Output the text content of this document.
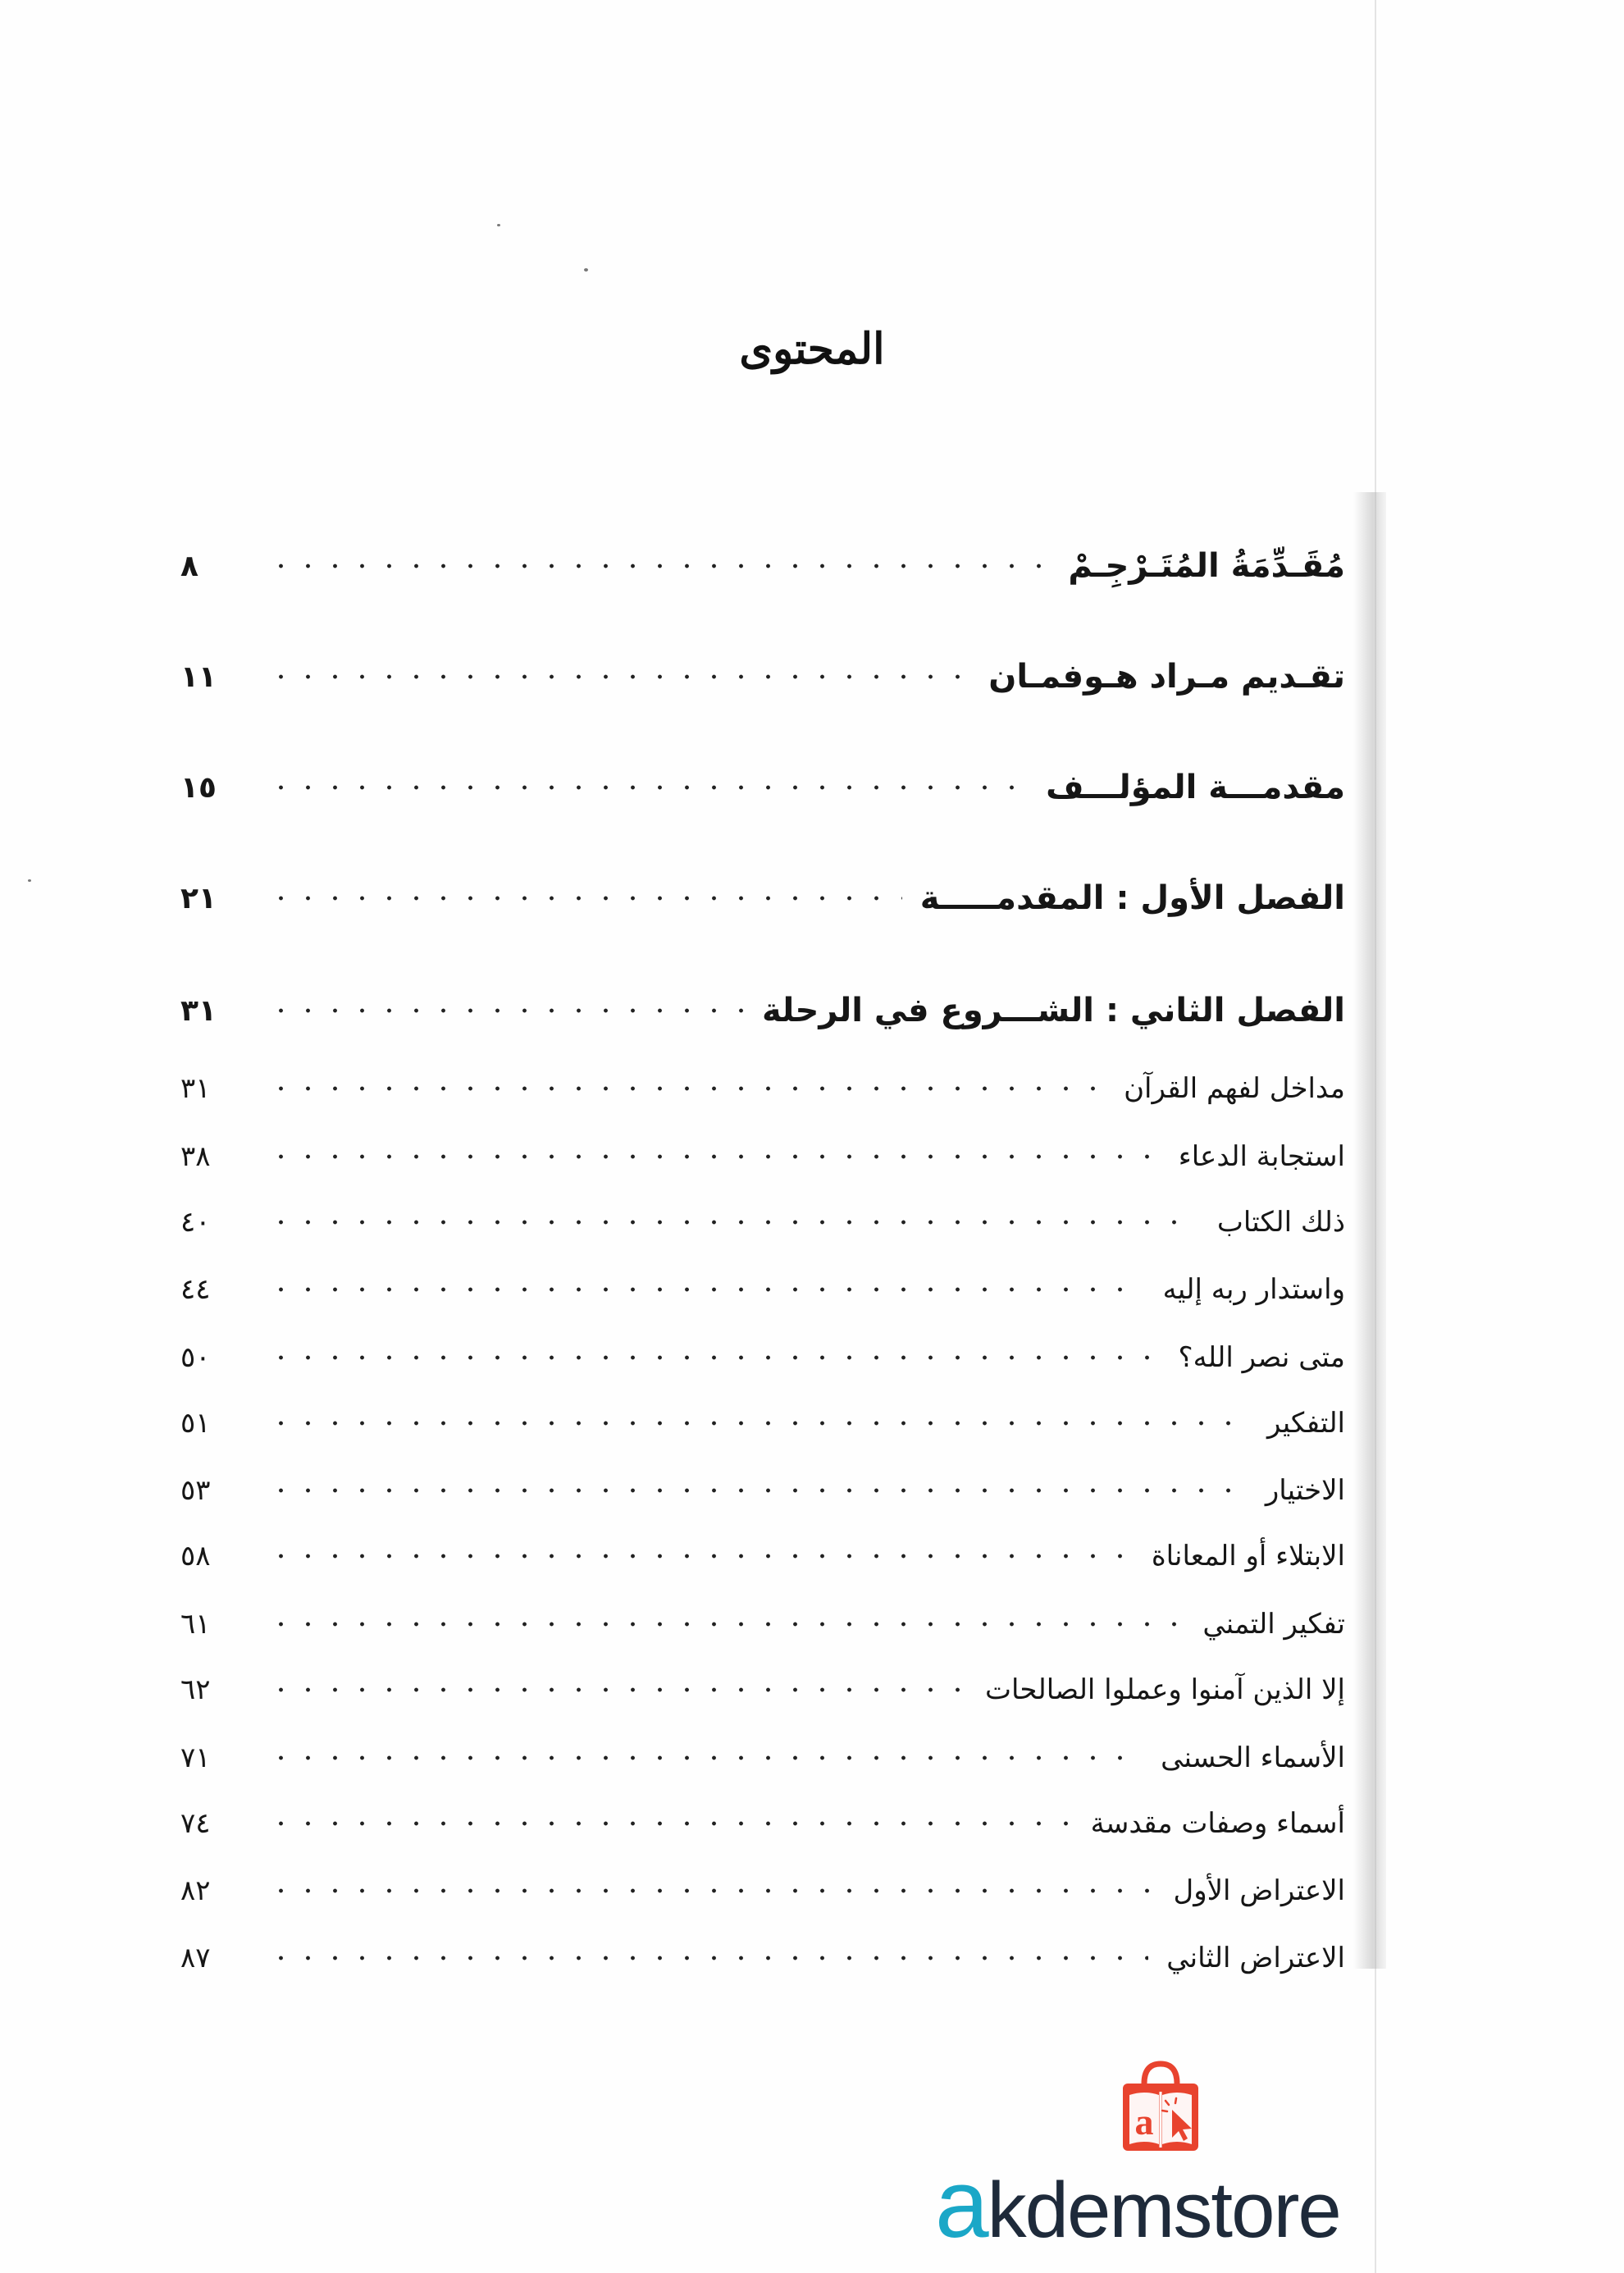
المحتوى
مُقَـدِّمَةُ المُتَـرْجِـمْ
٨
تقـديم مـراد هـوفمـان
١١
مقدمـــة المؤلـــف
١٥
الفصل الأول : المقدمـــــة
٢١
الفصل الثاني : الشـــروع في الرحلة
٣١
مداخل لفهم القرآن
٣١
استجابة الدعاء
٣٨
ذلك الكتاب
٤٠
واستدار ربه إليه
٤٤
متى نصر الله؟
٥٠
التفكير
٥١
الاختيار
٥٣
الابتلاء أو المعاناة
٥٨
تفكير التمني
٦١
إلا الذين آمنوا وعملوا الصالحات
٦٢
الأسماء الحسنى
٧١
أسماء وصفات مقدسة
٧٤
الاعتراض الأول
٨٢
الاعتراض الثاني
٨٧
a
akdemstore
